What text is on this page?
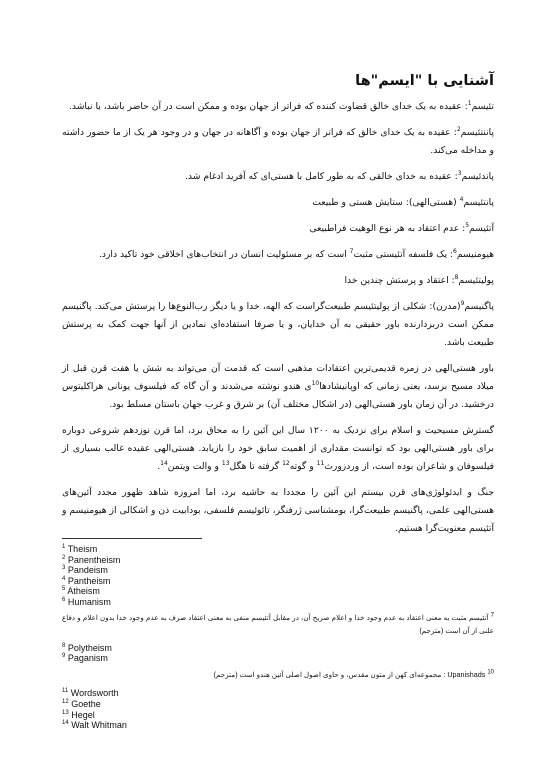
آشنایی با "ایسم"ها

تئیسم$^1$: عقیده به یک خدای خالق قضاوت کننده که فراتر از جهان بوده و ممکن است در آن حاضر باشد، یا نباشد.

پاننتئیسم$^2$: عقیده به یک خدای خالق که فراتر از جهان بوده و آگاهانه در جهان و در وجود هر یک از ما حضور داشته و مداخله می‌کند.

پاندئیسم$^3$: عقیده به خدای خالقی که به طور کامل با هستی‌ای که آفرید ادغام شد.

پانتئیسم$^4$ (هستی‌الهی): ستایش هستی و طبیعت

آتئیسم$^5$: عدم اعتقاد به هر نوع الوهیت فراطبیعی

هیومنیسم$^6$: یک فلسفه آتئیستی مثبت$^7$ است که بر مسئولیت انسان در انتخاب‌های اخلاقی خود تاکید دارد.

پولیتئیسم$^8$: اعتقاد و پرستش چندین خدا

پاگنیسم$^9$(مدرن): شکلی از پولیتئیسم طبیعت‌گراست که الهه، خدا و یا دیگر رب‌النوع‌ها را پرستش می‌کند. پاگنیسم ممکن است دربردارنده باور حقیقی به آن خدایان، و یا صرفا استفاده‌ای نمادین از آنها جهت کمک به پرستش طبیعت باشد.

باور هستی‌الهی در زمره قدیمی‌ترین اعتقادات مذهبی است که قدمت آن می‌تواند به شش یا هفت قرن قبل از میلاد مسیح برسد، یعنی زمانی که اوپانیشادها$^{10}$ی هندو نوشته می‌شدند و آن گاه که فیلسوف یونانی هراکلیتوس درخشید. در آن زمان باور هستی‌الهی (در اشکال مختلف آن) بر شرق و غرب جهان باستان مسلط بود.

گسترش مسیحیت و اسلام برای نزدیک به ۱۲۰۰ سال این آئین را به محاق برد، اما قرن نوزدهم شروعی دوباره برای باور هستی‌الهی بود که توانست مقداری از اهمیت سابق خود را بازیابد. هستی‌الهی عقیده غالب بسیاری از فیلسوفان و شاعران بوده است، از وردزورث$^{11}$ و گوته$^{12}$ گرفته تا هگل$^{13}$ و والت ویتمن$^{14}$.

جنگ و ایدئولوژی‌های قرن بیستم این آئین را مجددا به حاشیه برد، اما امروزه شاهد ظهور مجدد آئین‌های هستی‌الهی علمی، پاگنیسم طبیعت‌گرا، بومشناسی ژرفنگر، تائوئیسم فلسفی، بودابیت ذن و اشکالی از هیومنیسم و آتئیسم معنویت‌گرا هستیم.

$^1$ Theism
$^2$ Panentheism
$^3$ Pandeism
$^4$ Pantheism
$^5$ Atheism
$^6$ Humanism
$^7$ آتئیسم مثبت به معنی اعتقاد به عدم وجود خدا و اعلام صریح آن، در مقابل آتئیسم منفی به معنی اعتقاد صرف به عدم وجود خدا بدون اعلام و دفاع علنی از آن است (مترجم)
$^8$ Polytheism
$^9$ Paganism
: مجموعه‌ای کهن از متون مقدس، و حاوی اصول اصلی آئین هندو است (مترجم) Upanishads $^{10}$
$^{11}$ Wordsworth
$^{12}$ Goethe
$^{13}$ Hegel
$^{14}$ Walt Whitman
